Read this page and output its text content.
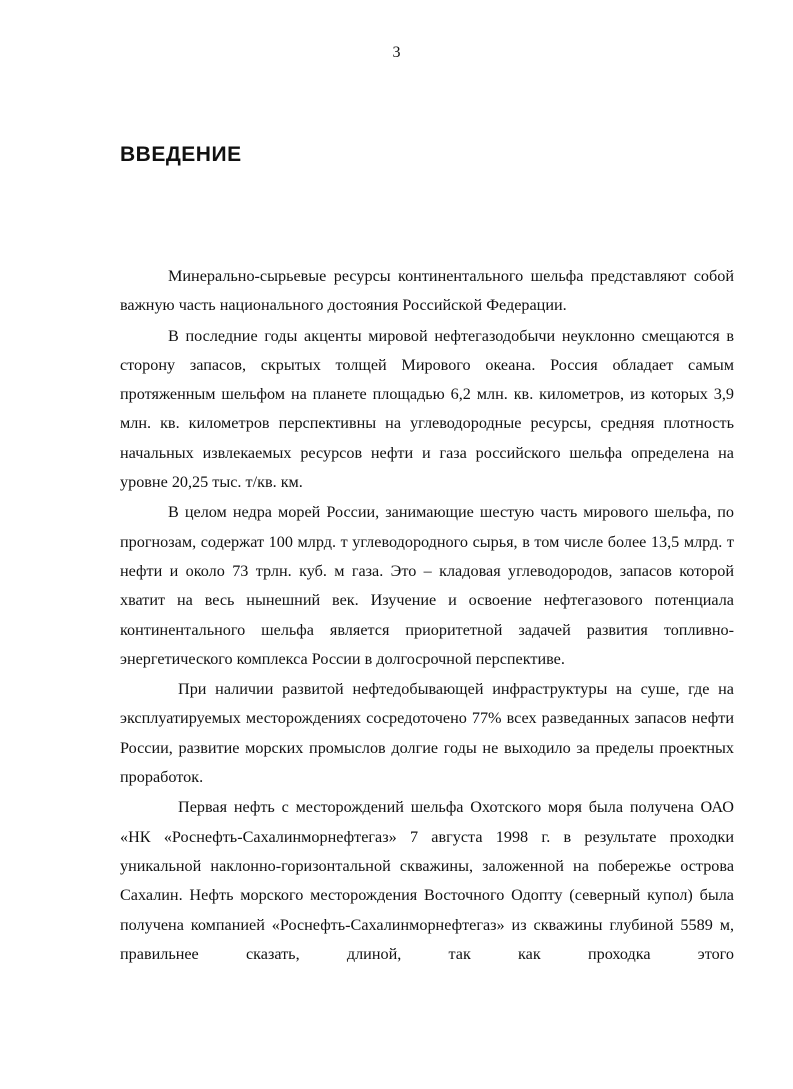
3
ВВЕДЕНИЕ

Минерально-сырьевые ресурсы континентального шельфа представляют собой важную часть национального достояния Российской Федерации.

В последние годы акценты мировой нефтегазодобычи неуклонно смещаются в сторону запасов, скрытых толщей Мирового океана. Россия обладает самым протяженным шельфом на планете площадью 6,2 млн. кв. километров, из которых 3,9 млн. кв. километров перспективны на углеводородные ресурсы, средняя плотность начальных извлекаемых ресурсов нефти и газа российского шельфа определена на уровне 20,25 тыс. т/кв. км.

В целом недра морей России, занимающие шестую часть мирового шельфа, по прогнозам, содержат 100 млрд. т углеводородного сырья, в том числе более 13,5 млрд. т нефти и около 73 трлн. куб. м газа. Это – кладовая углеводородов, запасов которой хватит на весь нынешний век. Изучение и освоение нефтегазового потенциала континентального шельфа является приоритетной задачей развития топливно-энергетического комплекса России в долгосрочной перспективе.

При наличии развитой нефтедобывающей инфраструктуры на суше, где на эксплуатируемых месторождениях сосредоточено 77% всех разведанных запасов нефти России, развитие морских промыслов долгие годы не выходило за пределы проектных проработок.

Первая нефть с месторождений шельфа Охотского моря была получена ОАО «НК «Роснефть-Сахалинморнефтегаз» 7 августа 1998 г. в результате проходки уникальной наклонно-горизонтальной скважины, заложенной на побережье острова Сахалин. Нефть морского месторождения Восточного Одопту (северный купол) была получена компанией «Роснефть-Сахалинморнефтегаз» из скважины глубиной 5589 м, правильнее сказать, длиной, так как проходка этого
